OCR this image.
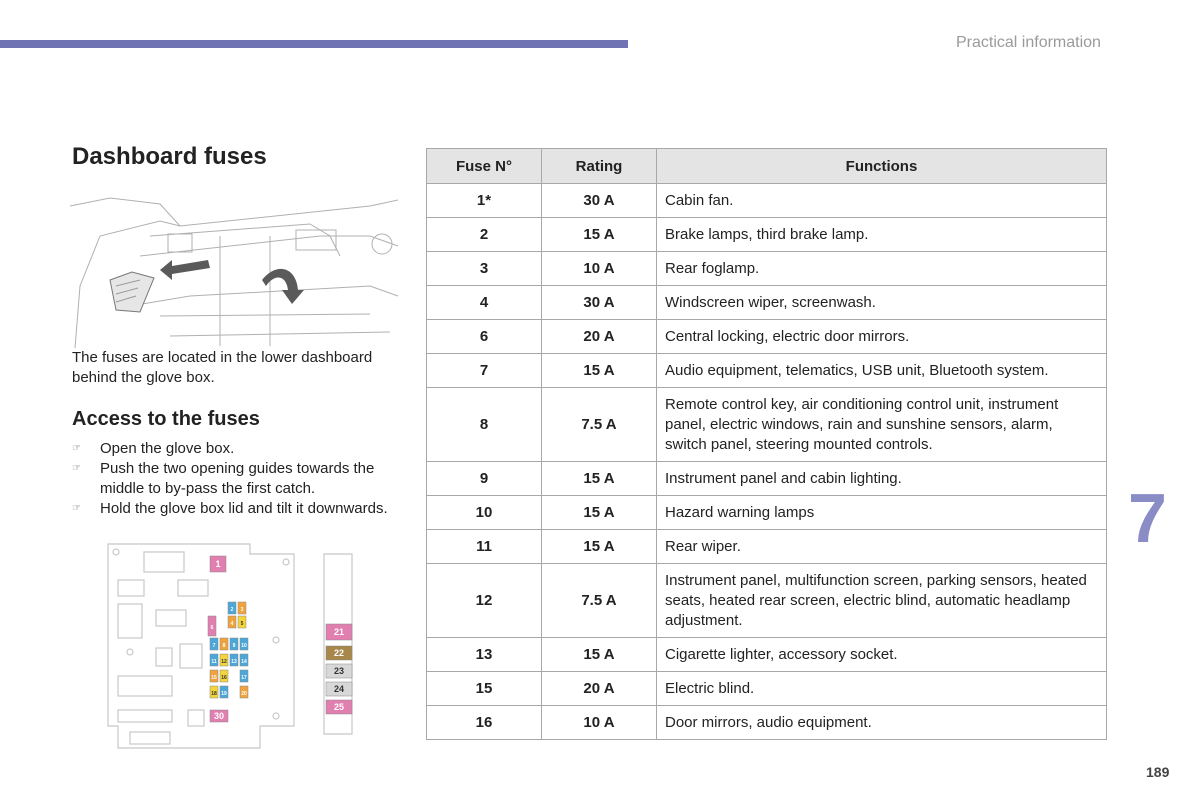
Practical information
Dashboard fuses
The fuses are located in the lower dashboard behind the glove box.
Access to the fuses
☞ Open the glove box.
☞ Push the two opening guides towards the middle to by-pass the first catch.
☞ Hold the glove box lid and tilt it downwards.
1
2 3
4 5
6
7 8 9 10
11 12 13 14
15 16	17
18 19	20
30
21
22
23
24
25
Fuse N°	Rating	Functions
1*	30 A	Cabin fan.
2	15 A	Brake lamps, third brake lamp.
3	10 A	Rear foglamp.
4	30 A	Windscreen wiper, screenwash.
6	20 A	Central locking, electric door mirrors.
7	15 A	Audio equipment, telematics, USB unit, Bluetooth system.
8	7.5 A	Remote control key, air conditioning control unit, instrument panel, electric windows, rain and sunshine sensors, alarm, switch panel, steering mounted controls.
9	15 A	Instrument panel and cabin lighting.
10	15 A	Hazard warning lamps
11	15 A	Rear wiper.
12	7.5 A	Instrument panel, multifunction screen, parking sensors, heated seats, heated rear screen, electric blind, automatic headlamp adjustment.
13	15 A	Cigarette lighter, accessory socket.
15	20 A	Electric blind.
16	10 A	Door mirrors, audio equipment.
7
189
